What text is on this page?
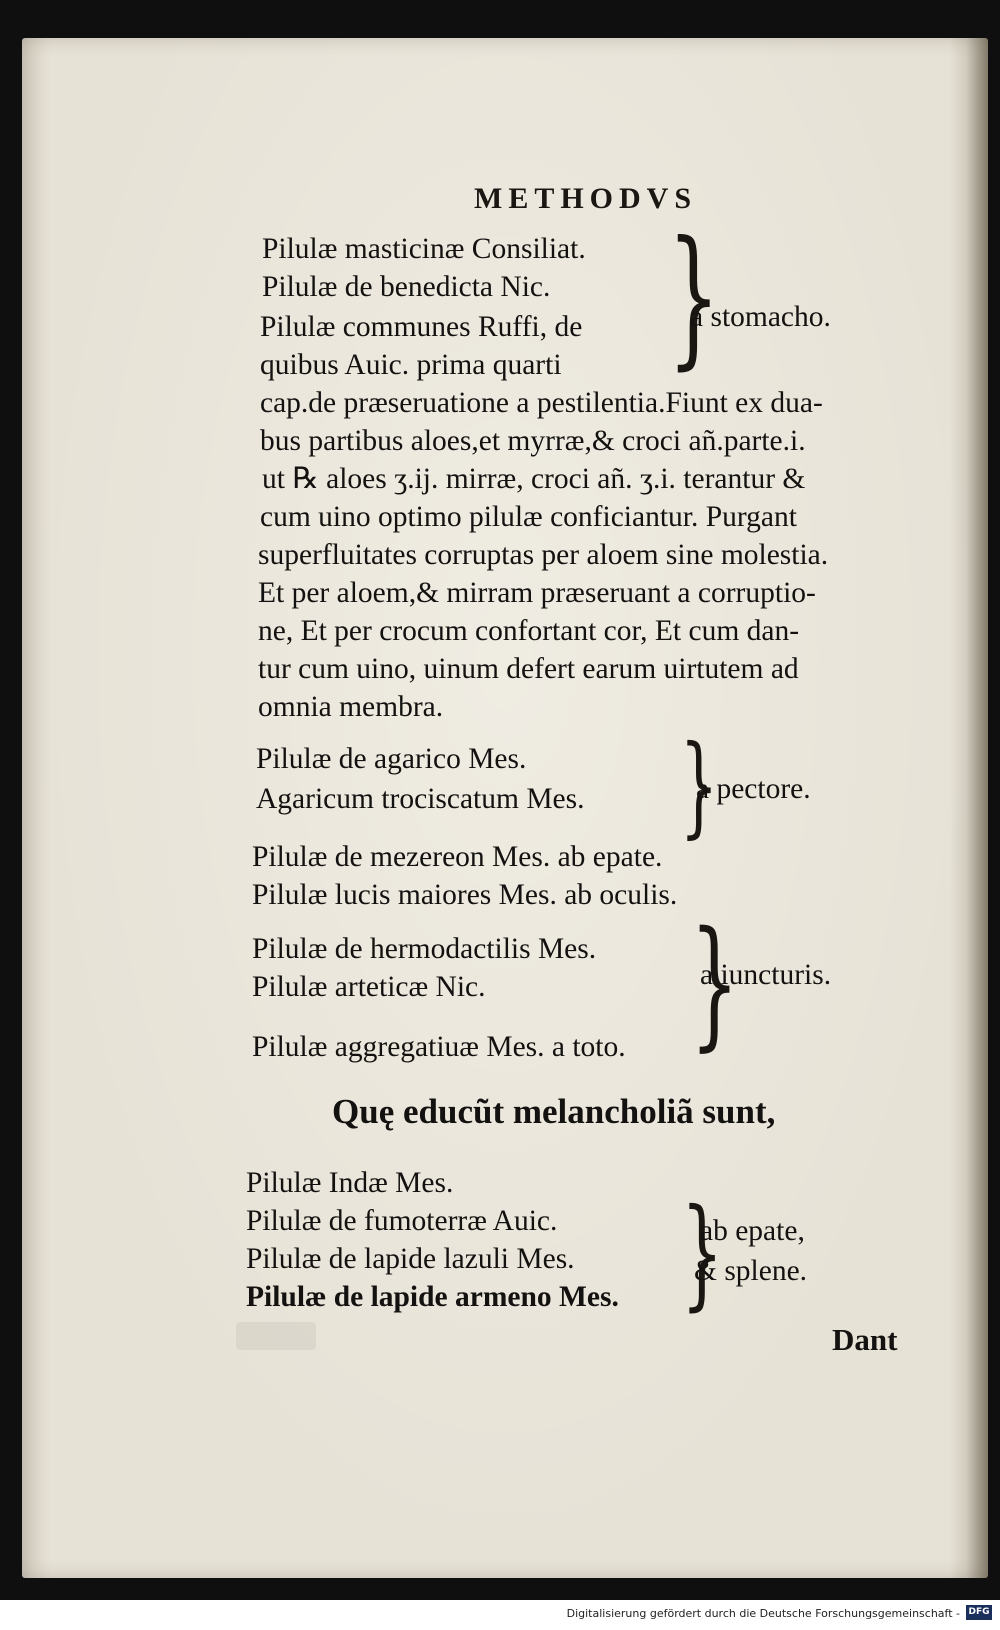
METHODVS
Pilulæ masticinæ Consiliat.
Pilulæ de benedicta Nic.
Pilulæ communes Ruffi, de
quibus Auic. prima quarti }
a stomacho.
cap.de præseruatione a pestilentia.Fiunt ex dua-
bus partibus aloes,et myrræ,& croci añ.parte.i.
ut ℞ aloes ʒ.ij. mirræ, croci añ. ʒ.i. terantur &
cum uino optimo pilulæ conficiantur. Purgant
superfluitates corruptas per aloem sine molestia.
Et per aloem,& mirram præseruant a corruptio-
ne, Et per crocum confortant cor, Et cum dan-
tur cum uino, uinum defert earum uirtutem ad
omnia membra.
Pilulæ de agarico Mes.
Agaricum trociscatum Mes. }
a pectore.
Pilulæ de mezereon Mes. ab epate.
Pilulæ lucis maiores Mes. ab oculis.
Pilulæ de hermodactilis Mes.
Pilulæ arteticæ Nic. }
a iuncturis.
Pilulæ aggregatiuæ Mes. a toto.
Quę educũt melancholiã sunt,
Pilulæ Indæ Mes.
Pilulæ de fumoterræ Auic.
Pilulæ de lapide lazuli Mes.
Pilulæ de lapide armeno Mes. }
ab epate,
& splene.
Dant
Digitalisierung gefördert durch die Deutsche Forschungsgemeinschaft - DFG
